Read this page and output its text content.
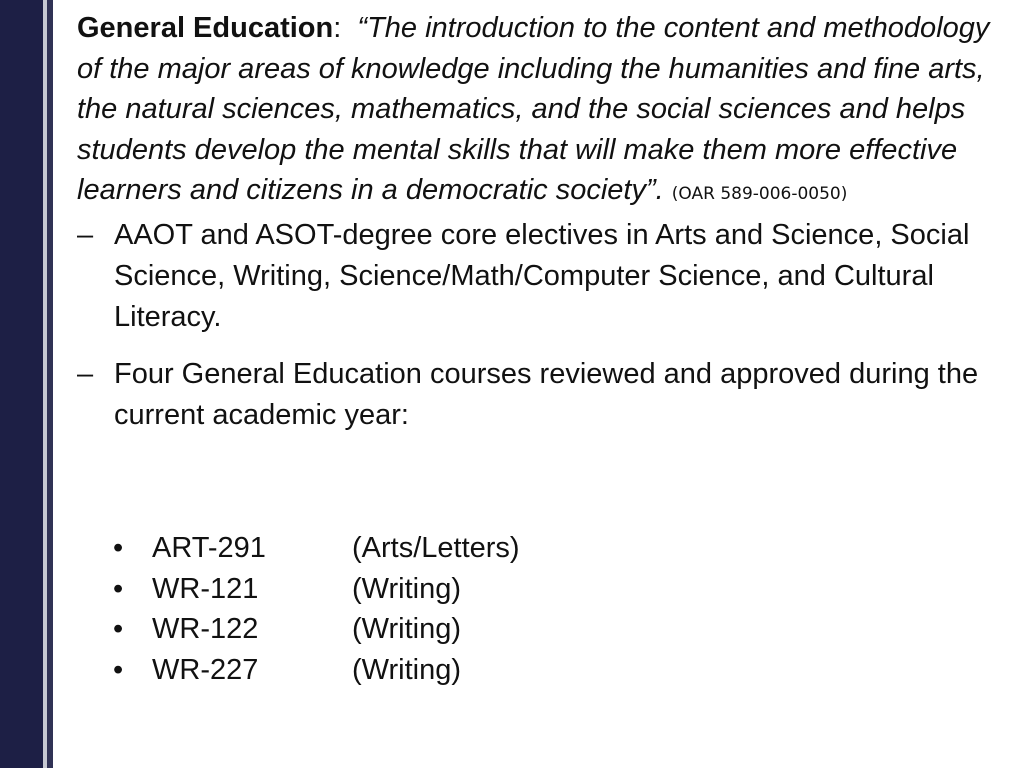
General Education: “The introduction to the content and methodology of the major areas of knowledge including the humanities and fine arts, the natural sciences, mathematics, and the social sciences and helps students develop the mental skills that will make them more effective learners and citizens in a democratic society”. (OAR 589-006-0050)

– AAOT and ASOT-degree core electives in Arts and Science, Social Science, Writing, Science/Math/Computer Science, and Cultural Literacy.
– Four General Education courses reviewed and approved during the current academic year:
• ART-291	(Arts/Letters)
• WR-121	(Writing)
• WR-122	(Writing)
• WR-227	(Writing)
